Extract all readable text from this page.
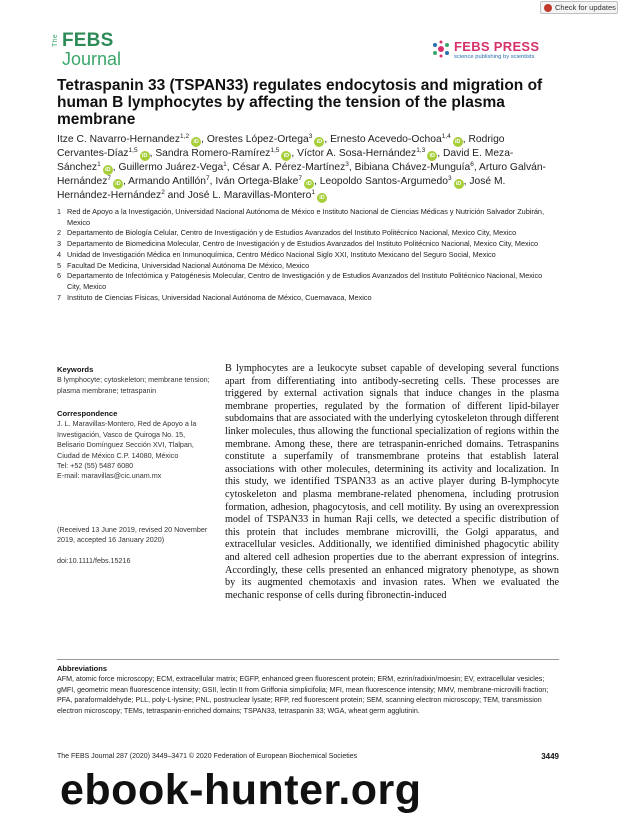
Check for updates
The FEBS
Journal
FEBS PRESS
science publishing by scientists
Tetraspanin 33 (TSPAN33) regulates endocytosis and migration of human B lymphocytes by affecting the tension of the plasma membrane
Itze C. Navarro-Hernandez$^{1,2}$iD , Orestes López-Ortega$^3$iD , Ernesto Acevedo-Ochoa$^{1,4}$iD , Rodrigo Cervantes-Díaz$^{1,5}$iD , Sandra Romero-Ramírez$^{1,5}$iD , Víctor A. Sosa-Hernández$^{1,3}$iD , David E. Meza-Sánchez$^1$iD , Guillermo Juárez-Vega$^1$, César A. Pérez-Martínez$^3$, Bibiana Chávez-Munguía$^6$, Arturo Galván-Hernández$^7$iD , Armando Antillón$^7$, Iván Ortega-Blake$^7$iD , Leopoldo Santos-Argumedo$^3$iD , José M. Hernández-Hernández$^2$ and José L. Maravillas-Montero$^1$iD
1 Red de Apoyo a la Investigación, Universidad Nacional Autónoma de México e Instituto Nacional de Ciencias Médicas y Nutrición Salvador Zubirán, Mexico
2 Departamento de Biología Celular, Centro de Investigación y de Estudios Avanzados del Instituto Politécnico Nacional, Mexico City, Mexico
3 Departamento de Biomedicina Molecular, Centro de Investigación y de Estudios Avanzados del Instituto Politécnico Nacional, Mexico City, Mexico
4 Unidad de Investigación Médica en Inmunoquímica, Centro Médico Nacional Siglo XXI, Instituto Mexicano del Seguro Social, Mexico
5 Facultad De Medicina, Universidad Nacional Autónoma De México, Mexico
6 Departamento de Infectómica y Patogénesis Molecular, Centro de Investigación y de Estudios Avanzados del Instituto Politécnico Nacional, Mexico City, Mexico
7 Instituto de Ciencias Físicas, Universidad Nacional Autónoma de México, Cuernavaca, Mexico
Keywords
B lymphocyte; cytoskeleton; membrane tension; plasma membrane; tetraspanin
Correspondence
J. L. Maravillas-Montero, Red de Apoyo a la
Investigación, Vasco de Quiroga No. 15,
Belisario Domínguez Sección XVI, Tlalpan,
Ciudad de México C.P. 14080, México
Tel: +52 (55) 5487 6080
E-mail: maravillas@cic.unam.mx
(Received 13 June 2019, revised 20 November 2019, accepted 16 January 2020)
doi:10.1111/febs.15216
B lymphocytes are a leukocyte subset capable of developing several functions apart from differentiating into antibody-secreting cells. These processes are triggered by external activation signals that induce changes in the plasma membrane properties, regulated by the formation of different lipid-bilayer subdomains that are associated with the underlying cytoskeleton through different linker molecules, thus allowing the functional specialization of regions within the membrane. Among these, there are tetraspanin-enriched domains. Tetraspanins constitute a superfamily of transmembrane proteins that establish lateral associations with other molecules, determining its activity and localization. In this study, we identified TSPAN33 as an active player during B-lymphocyte cytoskeleton and plasma membrane-related phenomena, including protrusion formation, adhesion, phagocytosis, and cell motility. By using an overexpression model of TSPAN33 in human Raji cells, we detected a specific distribution of this protein that includes membrane microvilli, the Golgi apparatus, and extracellular vesicles. Additionally, we identified diminished phagocytic ability and altered cell adhesion properties due to the aberrant expression of integrins. Accordingly, these cells presented an enhanced migratory phenotype, as shown by its augmented chemotaxis and invasion rates. When we evaluated the mechanic response of cells during fibronectin-induced
Abbreviations
AFM, atomic force microscopy; ECM, extracellular matrix; EGFP, enhanced green fluorescent protein; ERM, ezrin/radixin/moesin; EV, extracellular vesicles; gMFI, geometric mean fluorescence intensity; GSII, lectin II from Griffonia simplicifolia; MFI, mean fluorescence intensity; MMV, membrane-microvilli fraction; PFA, paraformaldehyde; PLL, poly-L-lysine; PNL, postnuclear lysate; RFP, red fluorescent protein; SEM, scanning electron microscopy; TEM, transmission electron microscopy; TEMs, tetraspanin-enriched domains; TSPAN33, tetraspanin 33; WGA, wheat germ agglutinin.
The FEBS Journal 287 (2020) 3449–3471 © 2020 Federation of European Biochemical Societies	3449
ebook-hunter.org
